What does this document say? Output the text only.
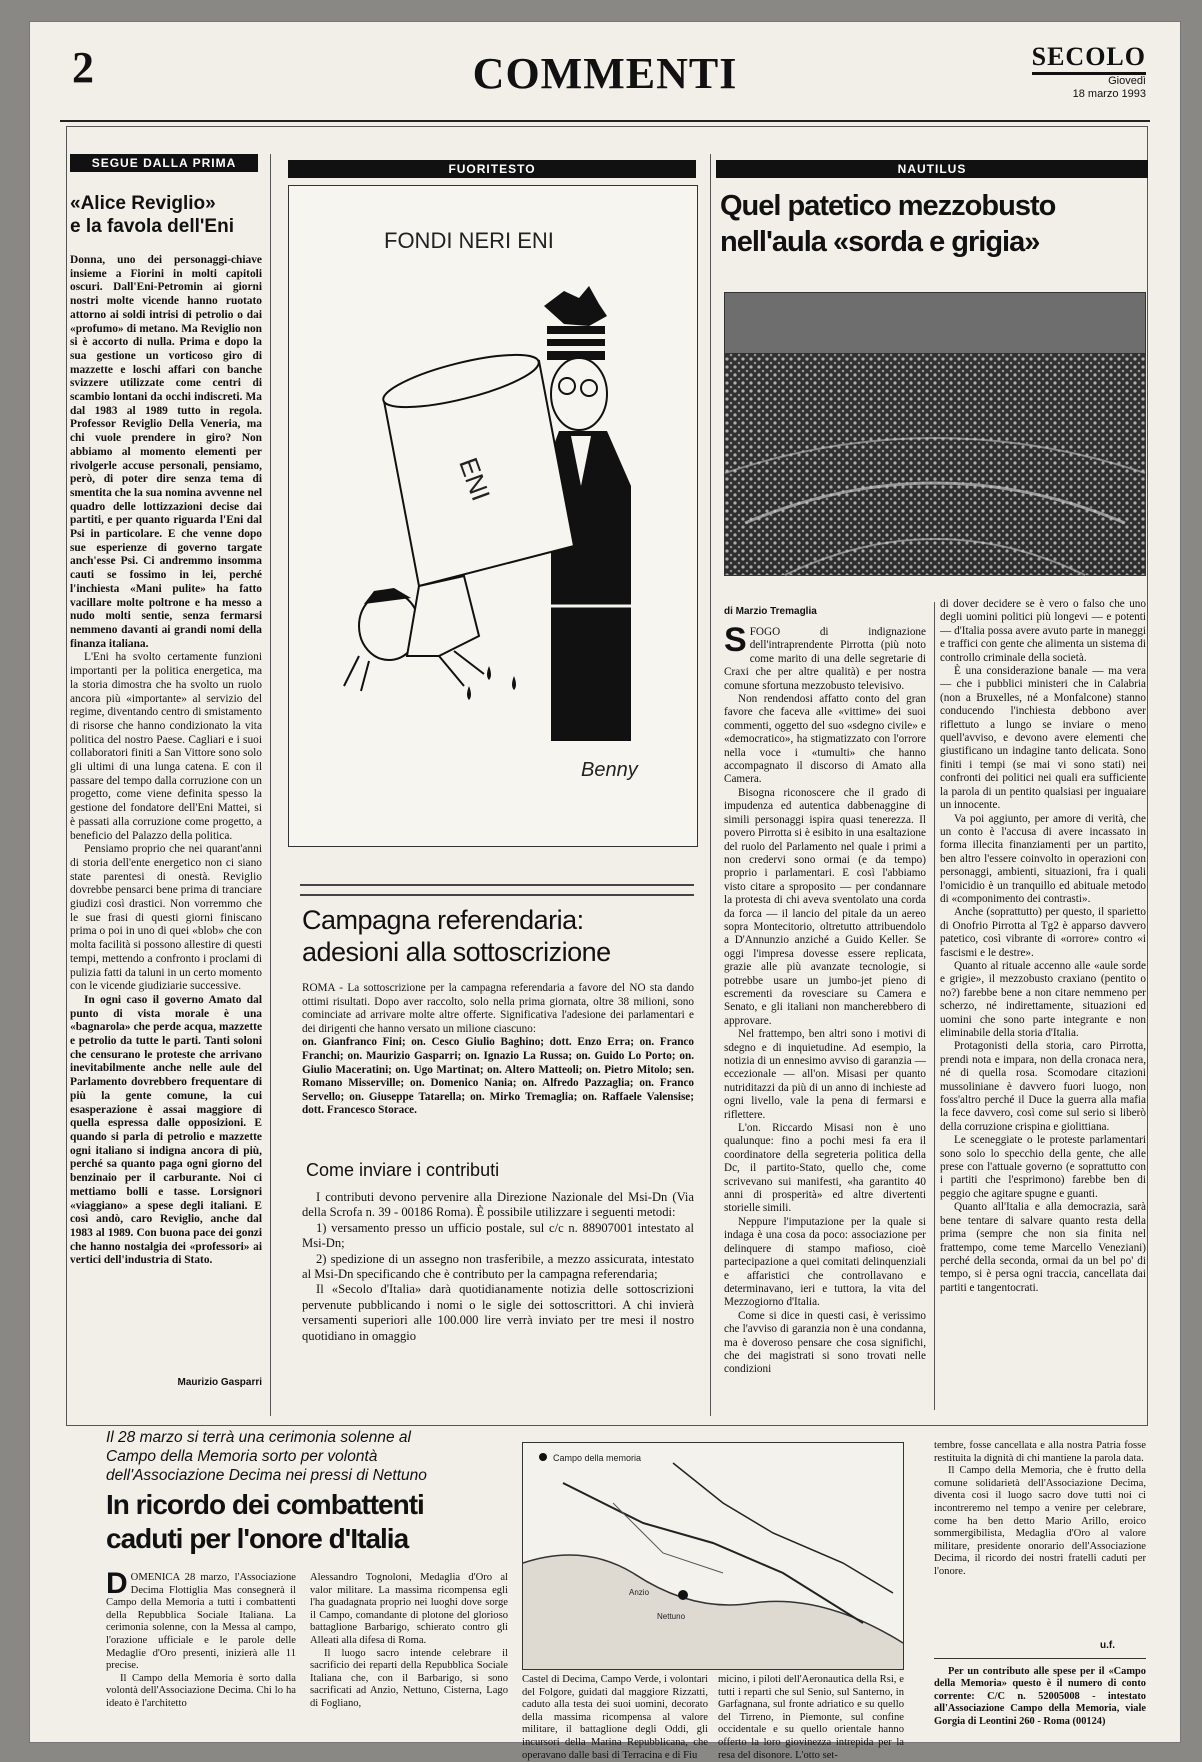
2	COMMENTI	SECOLO
Giovedì
18 marzo 1993
SEGUE DALLA PRIMA
«Alice Reviglio»
e la favola dell'Eni

Donna, uno dei personaggi-chiave insieme a Fiorini in molti capitoli oscuri. Dall'Eni-Petromin ai giorni nostri molte vicende hanno ruotato attorno ai soldi intrisi di petrolio o dai «profumo» di metano. Ma Reviglio non si è accorto di nulla. Prima e dopo la sua gestione un vorticoso giro di mazzette e loschi affari con banche svizzere utilizzate come centri di scambio lontani da occhi indiscreti. Ma dal 1983 al 1989 tutto in regola. Professor Reviglio Della Veneria, ma chi vuole prendere in giro? Non abbiamo al momento elementi per rivolgerle accuse personali, pensiamo, però, di poter dire senza tema di smentita che la sua nomina avvenne nel quadro delle lottizzazioni decise dai partiti, e per quanto riguarda l'Eni dal Psi in particolare. E che venne dopo sue esperienze di governo targate anch'esse Psi. Ci andremmo insomma cauti se fossimo in lei, perché l'inchiesta «Mani pulite» ha fatto vacillare molte poltrone e ha messo a nudo molti sentie, senza fermarsi nemmeno davanti ai grandi nomi della finanza italiana.

L'Eni ha svolto certamente funzioni importanti per la politica energetica, ma la storia dimostra che ha svolto un ruolo ancora più «importante» al servizio del regime, diventando centro di smistamento di risorse che hanno condizionato la vita politica del nostro Paese. Cagliari e i suoi collaboratori finiti a San Vittore sono solo gli ultimi di una lunga catena. E con il passare del tempo dalla corruzione con un progetto, come viene definita spesso la gestione del fondatore dell'Eni Mattei, si è passati alla corruzione come progetto, a beneficio del Palazzo della politica.

Pensiamo proprio che nei quarant'anni di storia dell'ente energetico non ci siano state parentesi di onestà. Reviglio dovrebbe pensarci bene prima di tranciare giudizi così drastici. Non vorremmo che le sue frasi di questi giorni finiscano prima o poi in uno di quei «blob» che con molta facilità si possono allestire di questi tempi, mettendo a confronto i proclami di pulizia fatti da taluni in un certo momento con le vicende giudiziarie successive.

In ogni caso il governo Amato dal punto di vista morale è una «bagnarola» che perde acqua, mazzette e petrolio da tutte le parti. Tanti soloni che censurano le proteste che arrivano inevitabilmente anche nelle aule del Parlamento dovrebbero frequentare di più la gente comune, la cui esasperazione è assai maggiore di quella espressa dalle opposizioni. E quando si parla di petrolio e mazzette ogni italiano si indigna ancora di più, perché sa quanto paga ogni giorno del benzinaio per il carburante. Noi ci mettiamo bolli e tasse. Lorsignori «viaggiano» a spese degli italiani. E così andò, caro Reviglio, anche dal 1983 al 1989. Con buona pace dei gonzi che hanno nostalgia dei «professori» ai vertici dell'industria di Stato.

Maurizio Gasparri
FUORITESTO
FONDI NERI ENI
ENI
Benny
Campagna referendaria:
adesioni alla sottoscrizione

ROMA - La sottoscrizione per la campagna referendaria a favore del NO sta dando ottimi risultati. Dopo aver raccolto, solo nella prima giornata, oltre 38 milioni, sono cominciate ad arrivare molte altre offerte. Significativa l'adesione dei parlamentari e dei dirigenti che hanno versato un milione ciascuno:

on. Gianfranco Fini; on. Cesco Giulio Baghino; dott. Enzo Erra; on. Franco Franchi; on. Maurizio Gasparri; on. Ignazio La Russa; on. Guido Lo Porto; on. Giulio Maceratini; on. Ugo Martinat; on. Altero Matteoli; on. Pietro Mitolo; sen. Romano Misserville; on. Domenico Nania; on. Alfredo Pazzaglia; on. Franco Servello; on. Giuseppe Tatarella; on. Mirko Tremaglia; on. Raffaele Valensise; dott. Francesco Storace.

Come inviare i contributi

I contributi devono pervenire alla Direzione Nazionale del Msi-Dn (Via della Scrofa n. 39 - 00186 Roma). È possibile utilizzare i seguenti metodi:

1) versamento presso un ufficio postale, sul c/c n. 88907001 intestato al Msi-Dn;

2) spedizione di un assegno non trasferibile, a mezzo assicurata, intestato al Msi-Dn specificando che è contributo per la campagna referendaria;

Il «Secolo d'Italia» darà quotidianamente notizia delle sottoscrizioni pervenute pubblicando i nomi o le sigle dei sottoscrittori. A chi invierà versamenti superiori alle 100.000 lire verrà inviato per tre mesi il nostro quotidiano in omaggio

NAUTILUS
Quel patetico mezzobusto
nell'aula «sorda e grigia»
di Marzio Tremaglia

SFOGO di indignazione dell'intraprendente Pirrotta (più noto come marito di una delle segretarie di Craxi che per altre qualità) e per nostra comune sfortuna mezzobusto televisivo.

Non rendendosi affatto conto del gran favore che faceva alle «vittime» dei suoi commenti, oggetto del suo «sdegno civile» e «democratico», ha stigmatizzato con l'orrore nella voce i «tumulti» che hanno accompagnato il discorso di Amato alla Camera.

Bisogna riconoscere che il grado di impudenza ed autentica dabbenaggine di simili personaggi ispira quasi tenerezza. Il povero Pirrotta si è esibito in una esaltazione del ruolo del Parlamento nel quale i primi a non credervi sono ormai (e da tempo) proprio i parlamentari. E così l'abbiamo visto citare a sproposito — per condannare la protesta di chi aveva sventolato una corda da forca — il lancio del pitale da un aereo sopra Montecitorio, oltretutto attribuendolo a D'Annunzio anziché a Guido Keller. Se oggi l'impresa dovesse essere replicata, grazie alle più avanzate tecnologie, si potrebbe usare un jumbo-jet pieno di escrementi da rovesciare su Camera e Senato, e gli italiani non mancherebbero di approvare.

Nel frattempo, ben altri sono i motivi di sdegno e di inquietudine. Ad esempio, la notizia di un ennesimo avviso di garanzia — eccezionale — all'on. Misasi per quanto nutriditazzi da più di un anno di inchieste ad ogni livello, vale la pena di fermarsi e riflettere.

L'on. Riccardo Misasi non è uno qualunque: fino a pochi mesi fa era il coordinatore della segreteria politica della Dc, il partito-Stato, quello che, come scrivevano sui manifesti, «ha garantito 40 anni di prosperità» ed altre divertenti storielle simili.

Neppure l'imputazione per la quale si indaga è una cosa da poco: associazione per delinquere di stampo mafioso, cioè partecipazione a quei comitati delinquenziali e affaristici che controllavano e determinavano, ieri e tuttora, la vita del Mezzogiorno d'Italia.

Come si dice in questi casi, è verissimo che l'avviso di garanzia non è una condanna, ma è doveroso pensare che cosa significhi, che dei magistrati si sono trovati nelle condizioni

di dover decidere se è vero o falso che uno degli uomini politici più longevi — e potenti — d'Italia possa avere avuto parte in maneggi e traffici con gente che alimenta un sistema di controllo criminale della società.

È una considerazione banale — ma vera — che i pubblici ministeri che in Calabria (non a Bruxelles, né a Monfalcone) stanno conducendo l'inchiesta debbono aver riflettuto a lungo se inviare o meno quell'avviso, e devono avere elementi che giustificano un indagine tanto delicata. Sono finiti i tempi (se mai vi sono stati) nei confronti dei politici nei quali era sufficiente la parola di un pentito qualsiasi per inguaiare un innocente.

Va poi aggiunto, per amore di verità, che un conto è l'accusa di avere incassato in forma illecita finanziamenti per un partito, ben altro l'essere coinvolto in operazioni con personaggi, ambienti, situazioni, fra i quali l'omicidio è un tranquillo ed abituale metodo di «componimento dei contrasti».

Anche (soprattutto) per questo, il sparietto di Onofrio Pirrotta al Tg2 è apparso davvero patetico, così vibrante di «orrore» contro «i fascismi e le destre».

Quanto al rituale accenno alle «aule sorde e grigie», il mezzobusto craxiano (pentito o no?) farebbe bene a non citare nemmeno per scherzo, né indirettamente, situazioni ed uomini che sono parte integrante e non eliminabile della storia d'Italia.

Protagonisti della storia, caro Pirrotta, prendi nota e impara, non della cronaca nera, né di quella rosa. Scomodare citazioni mussoliniane è davvero fuori luogo, non foss'altro perché il Duce la guerra alla mafia la fece davvero, così come sul serio si liberò della corruzione crispina e giolittiana.

Le sceneggiate o le proteste parlamentari sono solo lo specchio della gente, che alle prese con l'attuale governo (e soprattutto con i partiti che l'esprimono) farebbe ben di peggio che agitare spugne e guanti.

Quanto all'Italia e alla democrazia, sarà bene tentare di salvare quanto resta della prima (sempre che non sia finita nel frattempo, come teme Marcello Veneziani) perché della seconda, ormai da un bel po' di tempo, si è persa ogni traccia, cancellata dai partiti e tangentocrati.

Il 28 marzo si terrà una cerimonia solenne al
Campo della Memoria sorto per volontà
dell'Associazione Decima nei pressi di Nettuno
In ricordo dei combattenti
caduti per l'onore d'Italia

DOMENICA 28 marzo, l'Associazione Decima Flottiglia Mas consegnerà il Campo della Memoria a tutti i combattenti della Repubblica Sociale Italiana. La cerimonia solenne, con la Messa al campo, l'orazione ufficiale e le parole delle Medaglie d'Oro presenti, inizierà alle 11 precise.

Il Campo della Memoria è sorto dalla volontà dell'Associazione Decima. Chi lo ha ideato è l'architetto

Alessandro Tognoloni, Medaglia d'Oro al valor militare. La massima ricompensa egli l'ha guadagnata proprio nei luoghi dove sorge il Campo, comandante di plotone del glorioso battaglione Barbarigo, schierato contro gli Alleati alla difesa di Roma.

Il luogo sacro intende celebrare il sacrificio dei reparti della Repubblica Sociale Italiana che, con il Barbarigo, si sono sacrificati ad Anzio, Nettuno, Cisterna, Lago di Fogliano,

Campo della memoria
Nettuno
Anzio

Castel di Decima, Campo Verde, i volontari del Folgore, guidati dal maggiore Rizzatti, caduto alla testa dei suoi uomini, decorato della massima ricompensa al valore militare, il battaglione degli Oddi, gli incursori della Marina Repubblicana, che operavano dalle basi di Terracina e di Fiu

micino, i piloti dell'Aeronautica della Rsi, e tutti i reparti che sul Senio, sul Santerno, in Garfagnana, sul fronte adriatico e su quello del Tirreno, in Piemonte, sul confine occidentale e su quello orientale hanno offerto la loro giovinezza intrepida per la resa del disonore. L'otto set-

tembre, fosse cancellata e alla nostra Patria fosse restituita la dignità di chi mantiene la parola data.

Il Campo della Memoria, che è frutto della comune solidarietà dell'Associazione Decima, diventa così il luogo sacro dove tutti noi ci incontreremo nel tempo a venire per celebrare, come ha ben detto Mario Arillo, eroico sommergibilista, Medaglia d'Oro al valore militare, presidente onorario dell'Associazione Decima, il ricordo dei nostri fratelli caduti per l'onore.

u.f.

Per un contributo alle spese per il «Campo della Memoria» questo è il numero di conto corrente: C/C n. 52005008 - intestato all'Associazione Campo della Memoria, viale Gorgia di Leontini 260 - Roma (00124)
